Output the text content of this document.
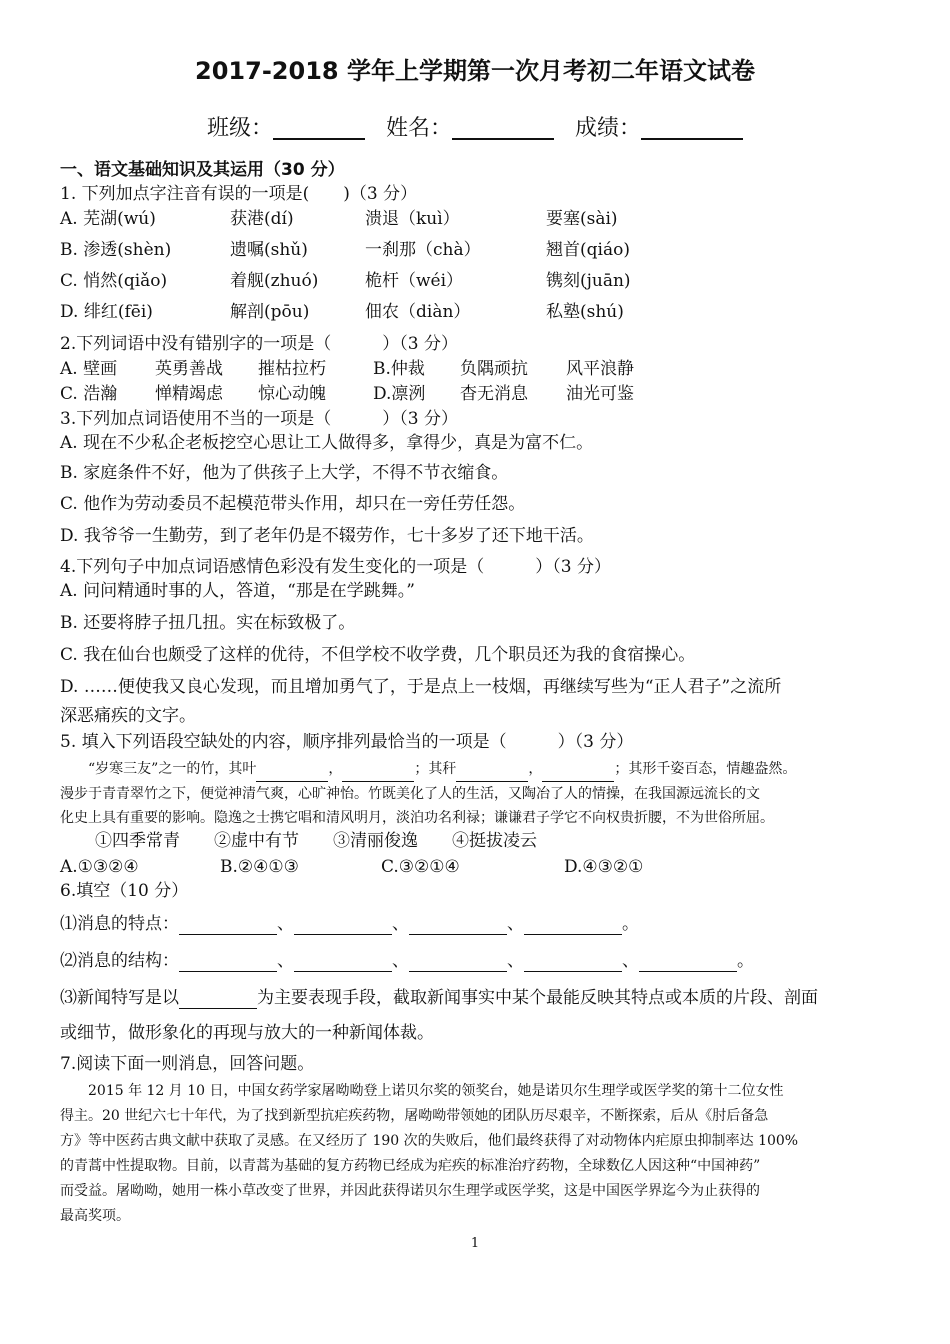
2017-2018 学年上学期第一次月考初二年语文试卷
班级：	姓名：	成绩：
一、语文基础知识及其运用（30 分）
1. 下列加点字注音有误的一项是(　　)（3 分）
A. 芜湖(wú)	获港(dí)	溃退（kuì）	要塞(sài)
B. 渗透(shèn)	遗嘱(shǔ)	一刹那（chà）	翘首(qiáo)
C. 悄然(qiǎo)	着舰(zhuó)	桅杆（wéi）	镌刻(juān)
D. 绯红(fēi)	解剖(pōu)	佃农（diàn）	私塾(shú)
2.下列词语中没有错别字的一项是（　　　）（3 分）
A. 壁画 英勇善战 摧枯拉朽	B.仲裁 负隅顽抗 风平浪静
C. 浩瀚 惮精竭虑 惊心动魄	D.凛洌 杳无消息 油光可鉴
3.下列加点词语使用不当的一项是（　　　）（3 分）
A. 现在不少私企老板挖空心思让工人做得多，拿得少，真是为富不仁。
B. 家庭条件不好，他为了供孩子上大学，不得不节衣缩食。
C. 他作为劳动委员不起模范带头作用，却只在一旁任劳任怨。
D. 我爷爷一生勤劳，到了老年仍是不辍劳作，七十多岁了还下地干活。
4.下列句子中加点词语感情色彩没有发生变化的一项是（　　　）（3 分）
A. 问问精通时事的人，答道，“那是在学跳舞。”
B. 还要将脖子扭几扭。实在标致极了。
C. 我在仙台也颇受了这样的优待，不但学校不收学费，几个职员还为我的食宿操心。
D. ……便使我又良心发现，而且增加勇气了，于是点上一枝烟，再继续写些为“正人君子”之流所
深恶痛疾的文字。
5. 填入下列语段空缺处的内容，顺序排列最恰当的一项是（　　　）（3 分）
“岁寒三友”之一的竹，其叶	，	；其秆	，	；其形千姿百态，情趣盎然。
漫步于青青翠竹之下，便觉神清气爽，心旷神怡。竹既美化了人的生活，又陶冶了人的情操，在我国源远流长的文
化史上具有重要的影响。隐逸之士携它唱和清风明月，淡泊功名利禄；谦谦君子学它不向权贵折腰，不为世俗所屈。
①四季常青　　②虚中有节　　③清丽俊逸　　④挺拔凌云
A.①③②④	B.②④①③	C.③②①④	D.④③②①
6.填空（10 分）
⑴消息的特点：	、	、	、	。
⑵消息的结构：	、	、	、	、	。
⑶新闻特写是以	为主要表现手段，截取新闻事实中某个最能反映其特点或本质的片段、剖面
或细节，做形象化的再现与放大的一种新闻体裁。
7.阅读下面一则消息，回答问题。
2015 年 12 月 10 日，中国女药学家屠呦呦登上诺贝尔奖的领奖台，她是诺贝尔生理学或医学奖的第十二位女性
得主。20 世纪六七十年代，为了找到新型抗疟疾药物，屠呦呦带领她的团队历尽艰辛，不断探索，后从《肘后备急
方》等中医药古典文献中获取了灵感。在又经历了 190 次的失败后，他们最终获得了对动物体内疟原虫抑制率达 100%
的青蒿中性提取物。目前，以青蒿为基础的复方药物已经成为疟疾的标准治疗药物，全球数亿人因这种“中国神药”
而受益。屠呦呦，她用一株小草改变了世界，并因此获得诺贝尔生理学或医学奖，这是中国医学界迄今为止获得的
最高奖项。
1
